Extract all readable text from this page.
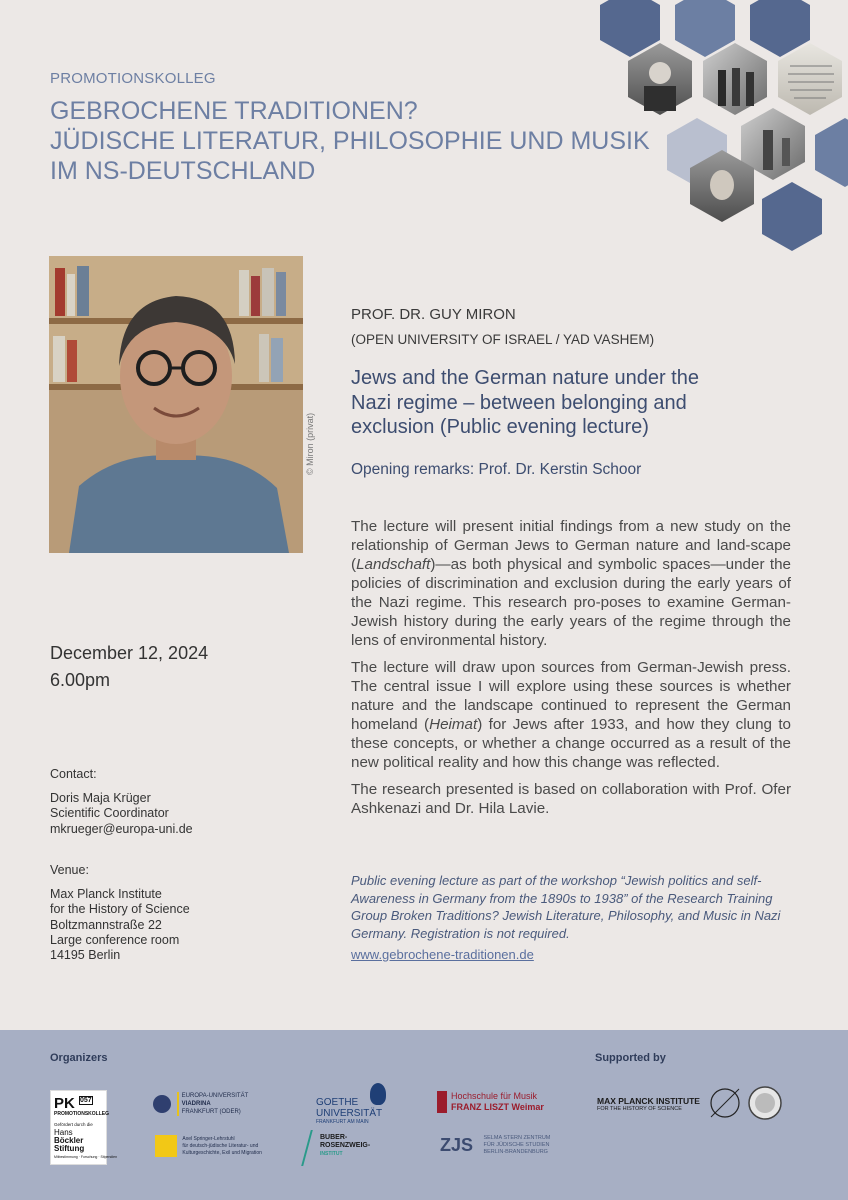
PROMOTIONSKOLLEG
GEBROCHENE TRADITIONEN?
JÜDISCHE LITERATUR, PHILOSOPHIE UND MUSIK
IM NS-DEUTSCHLAND
© Miron (privat)
PROF. DR. GUY MIRON
(OPEN UNIVERSITY OF ISRAEL / YAD VASHEM)
Jews and the German nature under the
Nazi regime – between belonging and
exclusion (Public evening lecture)
Opening remarks: Prof. Dr. Kerstin Schoor

The lecture will present initial findings from a new study on the relationship of German Jews to German nature and land-scape (Landschaft)—as both physical and symbolic spaces—under the policies of discrimination and exclusion during the early years of the Nazi regime. This research pro-poses to examine German-Jewish history during the early years of the regime through the lens of environmental history.

The lecture will draw upon sources from German-Jewish press. The central issue I will explore using these sources is whether nature and the landscape continued to represent the German homeland (Heimat) for Jews after 1933, and how they clung to these concepts, or whether a change occurred as a result of the new political reality and how this change was reflected.

The research presented is based on collaboration with Prof. Ofer Ashkenazi and Dr. Hila Lavie.

Public evening lecture as part of the workshop “Jewish politics and self-Awareness in Germany from the 1890s to 1938” of the Research Training Group Broken Traditions? Jewish Literature, Philosophy, and Music in Nazi Germany. Registration is not required.
www.gebrochene-traditionen.de
December 12, 2024
6.00pm
Contact:
Doris Maja Krüger
Scientific Coordinator
mkrueger@europa-uni.de
Venue:
Max Planck Institute
for the History of Science
Boltzmannstraße 22
Large conference room
14195 Berlin
Organizers	Supported by
PK $^{057}$
PROMOTIONSKOLLEG
Gefördert durch die
Hans
Böckler
Stiftung
Mitbestimmung · Forschung · Stipendien

EUROPA-UNIVERSITÄT
VIADRINA
FRANKFURT (ODER)

Axel Springer-Lehrstuhl
für deutsch-jüdische Literatur- und
Kulturgeschichte, Exil und Migration
GOETHE
UNIVERSITÄT
FRANKFURT AM MAIN
BUBER-
ROSENZWEIG-
INSTITUT
Hochschule für Musik
FRANZ LISZT Weimar
ZJS SELMA STERN ZENTRUM
FÜR JÜDISCHE STUDIEN
BERLIN-BRANDENBURG
MAX PLANCK INSTITUTE
FOR THE HISTORY OF SCIENCE
